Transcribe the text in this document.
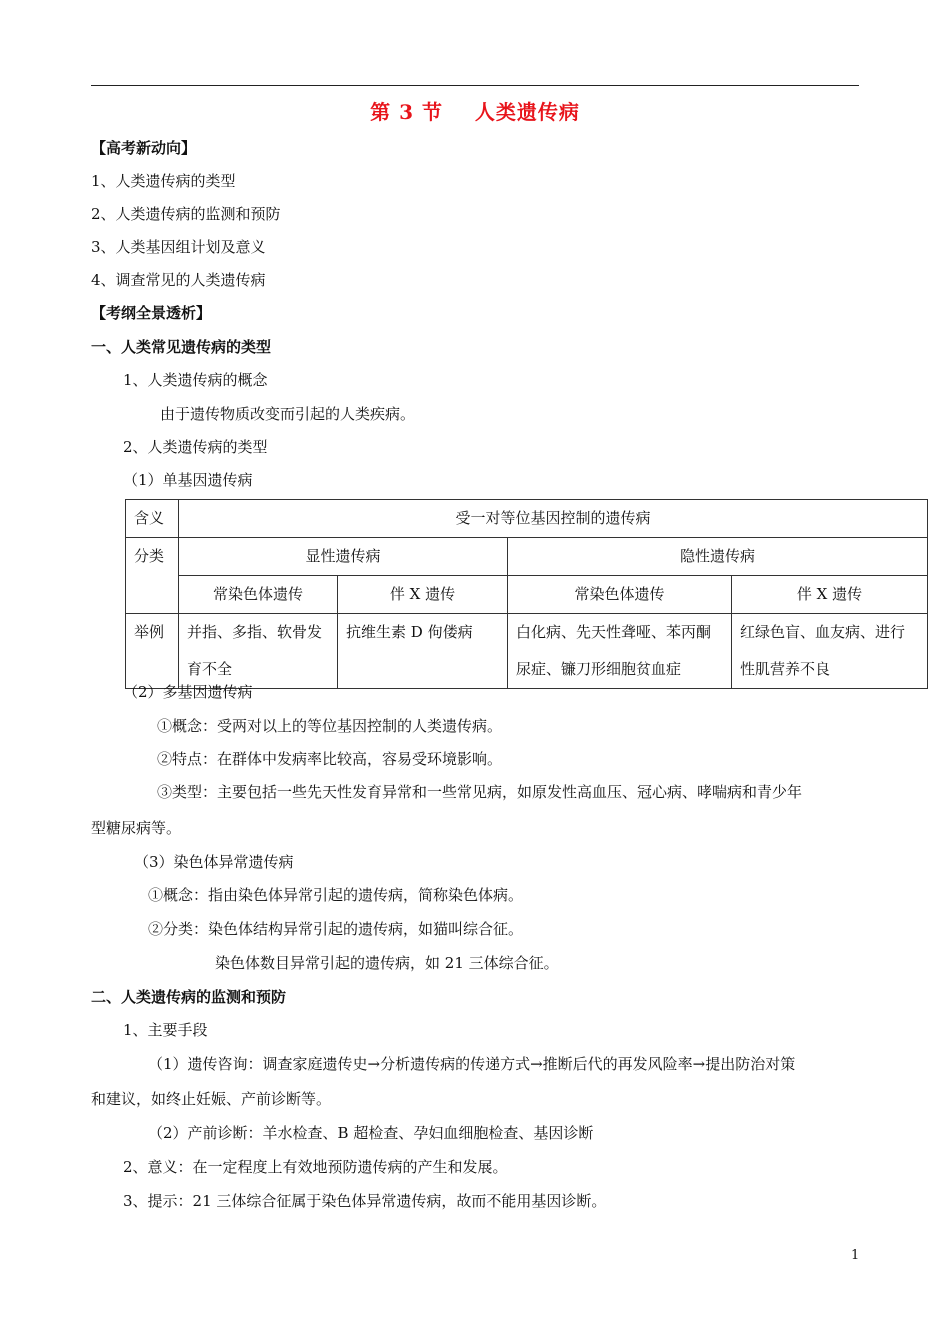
第 3 节    人类遗传病
【高考新动向】
1、人类遗传病的类型
2、人类遗传病的监测和预防
3、人类基因组计划及意义
4、调查常见的人类遗传病
【考纲全景透析】
一、人类常见遗传病的类型
1、人类遗传病的概念
由于遗传物质改变而引起的人类疾病。
2、人类遗传病的类型
（1）单基因遗传病
含义	受一对等位基因控制的遗传病			
分类	显性遗传病		隐性遗传病	
	常染色体遗传	伴 X 遗传	常染色体遗传	伴 X 遗传
举例	并指、多指、软骨发育不全	抗维生素 D 佝偻病	白化病、先天性聋哑、苯丙酮尿症、镰刀形细胞贫血症	红绿色盲、血友病、进行性肌营养不良
（2）多基因遗传病
①概念：受两对以上的等位基因控制的人类遗传病。
②特点：在群体中发病率比较高，容易受环境影响。
③类型：主要包括一些先天性发育异常和一些常见病，如原发性高血压、冠心病、哮喘病和青少年
型糖尿病等。
（3）染色体异常遗传病
①概念：指由染色体异常引起的遗传病，简称染色体病。
②分类：染色体结构异常引起的遗传病，如猫叫综合征。
染色体数目异常引起的遗传病，如 21 三体综合征。
二、人类遗传病的监测和预防
1、主要手段
（1）遗传咨询：调查家庭遗传史→分析遗传病的传递方式→推断后代的再发风险率→提出防治对策
和建议，如终止妊娠、产前诊断等。
（2）产前诊断：羊水检查、B 超检查、孕妇血细胞检查、基因诊断
2、意义：在一定程度上有效地预防遗传病的产生和发展。
3、提示：21 三体综合征属于染色体异常遗传病，故而不能用基因诊断。
1
